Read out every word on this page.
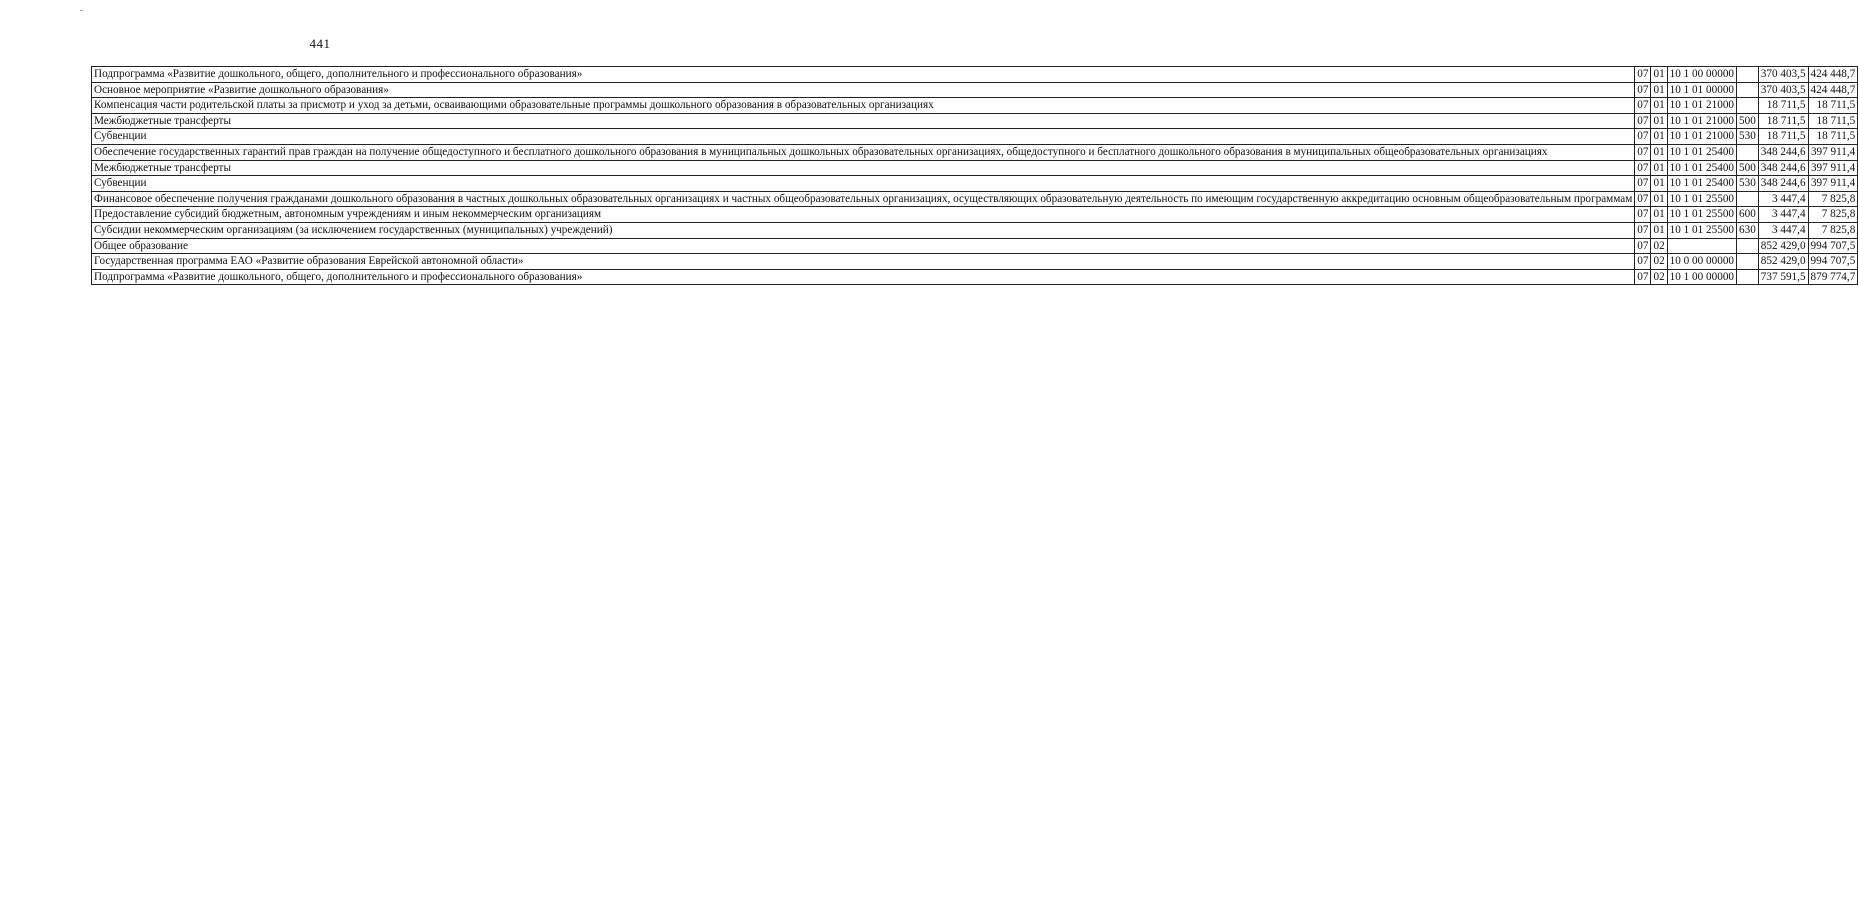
441
Подпрограмма «Развитие дошкольного, общего, дополнительного и профессионального образования»	07	01	10 1 00 00000		370 403,5	424 448,7
Основное мероприятие «Развитие дошкольного образования»	07	01	10 1 01 00000		370 403,5	424 448,7
Компенсация части родительской платы за присмотр и уход за детьми, осваивающими образовательные программы дошкольного образования в образовательных организациях	07	01	10 1 01 21000		18 711,5	18 711,5
Межбюджетные трансферты	07	01	10 1 01 21000	500	18 711,5	18 711,5
Субвенции	07	01	10 1 01 21000	530	18 711,5	18 711,5
Обеспечение государственных гарантий прав граждан на получение общедоступного и бесплатного дошкольного образования в муниципальных дошкольных образовательных организациях, общедоступного и бесплатного дошкольного образования в муниципальных общеобразовательных организациях	07	01	10 1 01 25400		348 244,6	397 911,4
Межбюджетные трансферты	07	01	10 1 01 25400	500	348 244,6	397 911,4
Субвенции	07	01	10 1 01 25400	530	348 244,6	397 911,4
Финансовое обеспечение получения гражданами дошкольного образования в частных дошкольных образовательных организациях и частных общеобразовательных организациях, осуществляющих образовательную деятельность по имеющим государственную аккредитацию основным общеобразовательным программам	07	01	10 1 01 25500		3 447,4	7 825,8
Предоставление субсидий бюджетным, автономным учреждениям и иным некоммерческим организациям	07	01	10 1 01 25500	600	3 447,4	7 825,8
Субсидии некоммерческим организациям (за исключением государственных (муниципальных) учреждений)	07	01	10 1 01 25500	630	3 447,4	7 825,8
Общее образование	07	02			852 429,0	994 707,5
Государственная программа ЕАО «Развитие образования Еврейской автономной области»	07	02	10 0 00 00000		852 429,0	994 707,5
Подпрограмма «Развитие дошкольного, общего, дополнительного и профессионального образования»	07	02	10 1 00 00000		737 591,5	879 774,7
